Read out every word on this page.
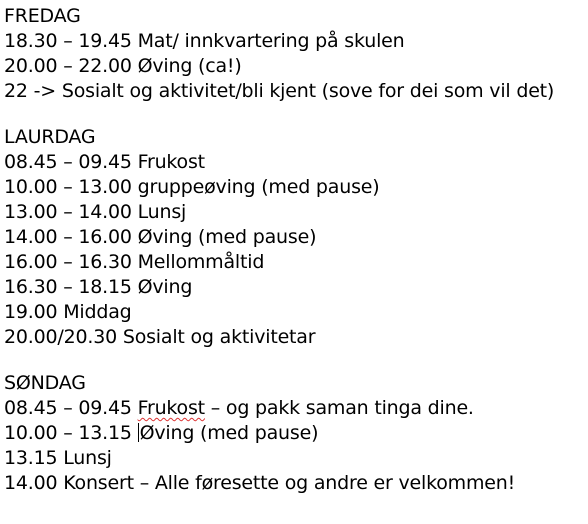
FREDAG
18.30 – 19.45 Mat/ innkvartering på skulen
20.00 – 22.00 Øving (ca!)
22 -> Sosialt og aktivitet/bli kjent (sove for dei som vil det)
LAURDAG
08.45 – 09.45 Frukost
10.00 – 13.00 gruppeøving (med pause)
13.00 – 14.00 Lunsj
14.00 – 16.00 Øving (med pause)
16.00 – 16.30 Mellommåltid
16.30 – 18.15 Øving
19.00 Middag
20.00/20.30 Sosialt og aktivitetar
SØNDAG
08.45 – 09.45 Frukost – og pakk saman tinga dine.
10.00 – 13.15 Øving (med pause)
13.15 Lunsj
14.00 Konsert – Alle føresette og andre er velkommen!
